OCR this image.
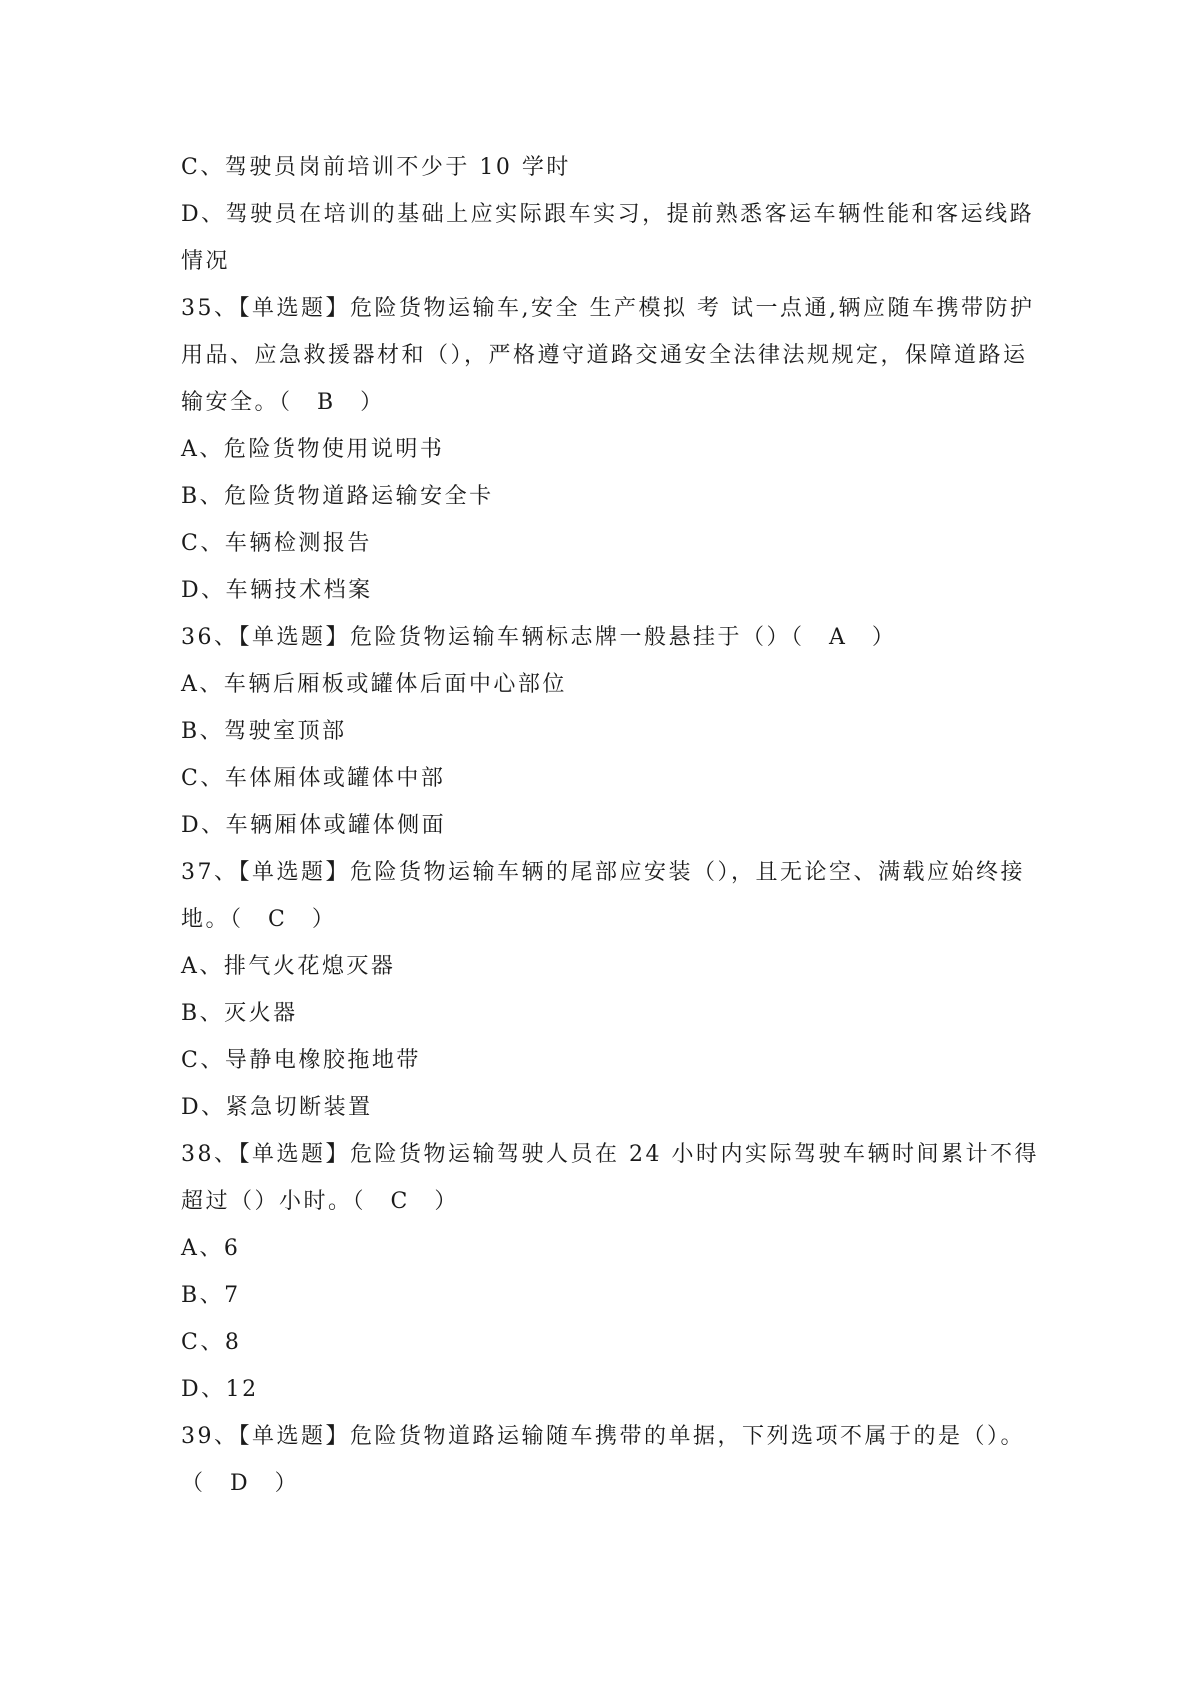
C、驾驶员岗前培训不少于 10 学时
D、驾驶员在培训的基础上应实际跟车实习，提前熟悉客运车辆性能和客运线路
情况
35、【单选题】危险货物运输车,安全 生产模拟 考 试一点通,辆应随车携带防护
用品、应急救援器材和（），严格遵守道路交通安全法律法规规定，保障道路运
输安全。（　B　）
A、危险货物使用说明书
B、危险货物道路运输安全卡
C、车辆检测报告
D、车辆技术档案
36、【单选题】危险货物运输车辆标志牌一般悬挂于（）（　A　）
A、车辆后厢板或罐体后面中心部位
B、驾驶室顶部
C、车体厢体或罐体中部
D、车辆厢体或罐体侧面
37、【单选题】危险货物运输车辆的尾部应安装（），且无论空、满载应始终接
地。（　C　）
A、排气火花熄灭器
B、灭火器
C、导静电橡胶拖地带
D、紧急切断装置
38、【单选题】危险货物运输驾驶人员在 24 小时内实际驾驶车辆时间累计不得
超过（）小时。（　C　）
A、6
B、7
C、8
D、12
39、【单选题】危险货物道路运输随车携带的单据，下列选项不属于的是（）。
（　D　）
